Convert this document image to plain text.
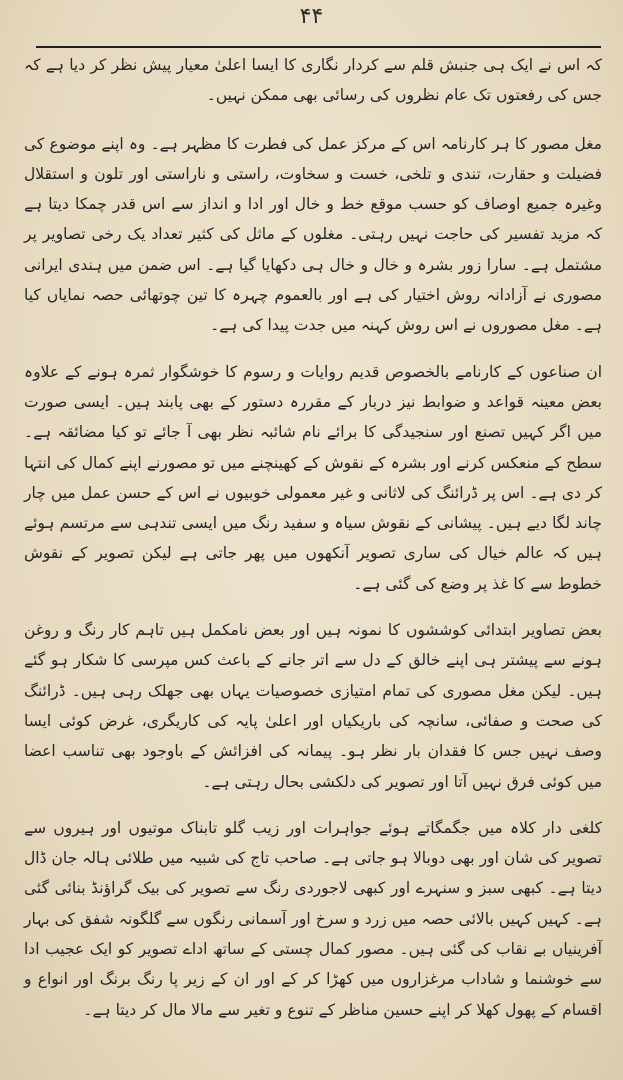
۴۴

کہ اس نے ایک ہی جنبش قلم سے کردار نگاری کا ایسا اعلیٰ معیار پیش نظر کر دیا ہے کہ جس کی رفعتوں تک عام نظروں کی رسائی بھی ممکن نہیں۔

مغل مصور کا ہر کارنامہ اس کے مرکز عمل کی فطرت کا مظہر ہے۔ وہ اپنے موضوع کی فضیلت و حقارت، تندی و تلخی، خست و سخاوت، راستی و ناراستی اور تلون و استقلال وغیرہ جمیع اوصاف کو حسب موقع خط و خال اور ادا و انداز سے اس قدر چمکا دیتا ہے کہ مزید تفسیر کی حاجت نہیں رہتی۔ مغلوں کے ماثل کی کثیر تعداد یک رخی تصاویر پر مشتمل ہے۔ سارا زور بشرہ و خال و خال ہی دکھایا گیا ہے۔ اس ضمن میں ہندی ایرانی مصوری نے آزادانہ روش اختیار کی ہے اور بالعموم چہرہ کا تین چوتھائی حصہ نمایاں کیا ہے۔ مغل مصوروں نے اس روش کہنہ میں جدت پیدا کی ہے۔

ان صناعوں کے کارنامے بالخصوص قدیم روایات و رسوم کا خوشگوار ثمرہ ہونے کے علاوہ بعض معینہ قواعد و ضوابط نیز دربار کے مقررہ دستور کے بھی پابند ہیں۔ ایسی صورت میں اگر کہیں تصنع اور سنجیدگی کا برائے نام شائبہ نظر بھی آ جائے تو کیا مضائقہ ہے۔ سطح کے منعکس کرنے اور بشرہ کے نقوش کے کھینچنے میں تو مصورنے اپنے کمال کی انتہا کر دی ہے۔ اس پر ڈرائنگ کی لاثانی و غیر معمولی خوبیوں نے اس کے حسن عمل میں چار چاند لگا دیے ہیں۔ پیشانی کے نقوش سیاہ و سفید رنگ میں ایسی تندہی سے مرتسم ہوئے ہیں کہ عالم خیال کی ساری تصویر آنکھوں میں پھر جاتی ہے لیکن تصویر کے نقوش خطوط سے کا غذ پر وضع کی گئی ہے۔

بعض تصاویر ابتدائی کوششوں کا نمونہ ہیں اور بعض نامکمل ہیں تاہم کار رنگ و روغن ہونے سے پیشتر ہی اپنے خالق کے دل سے اتر جانے کے باعث کس مپرسی کا شکار ہو گئے ہیں۔ لیکن مغل مصوری کی تمام امتیازی خصوصیات یہاں بھی جھلک رہی ہیں۔ ڈرائنگ کی صحت و صفائی، سانچہ کی باریکیاں اور اعلیٰ پایہ کی کاریگری، غرض کوئی ایسا وصف نہیں جس کا فقدان بار نظر ہو۔ پیمانہ کی افزائش کے باوجود بھی تناسب اعضا میں کوئی فرق نہیں آتا اور تصویر کی دلکشی بحال رہتی ہے۔

کلغی دار کلاہ میں جگمگاتے ہوئے جواہرات اور زیب گلو تابناک موتیوں اور ہیروں سے تصویر کی شان اور بھی دوبالا ہو جاتی ہے۔ صاحب تاج کی شبیہ میں طلائی ہالہ جان ڈال دیتا ہے۔ کبھی سبز و سنہرے اور کبھی لاجوردی رنگ سے تصویر کی بیک گراؤنڈ بنائی گئی ہے۔ کہیں کہیں بالائی حصہ میں زرد و سرخ اور آسمانی رنگوں سے گلگونہ شفق کی بہار آفرینیاں بے نقاب کی گئی ہیں۔ مصور کمال چستی کے ساتھ اداے تصویر کو ایک عجیب ادا سے خوشنما و شاداب مرغزاروں میں کھڑا کر کے اور ان کے زیر پا رنگ برنگ اور انواع و اقسام کے پھول کھلا کر اپنے حسین مناظر کے تنوع و تغیر سے مالا مال کر دیتا ہے۔
